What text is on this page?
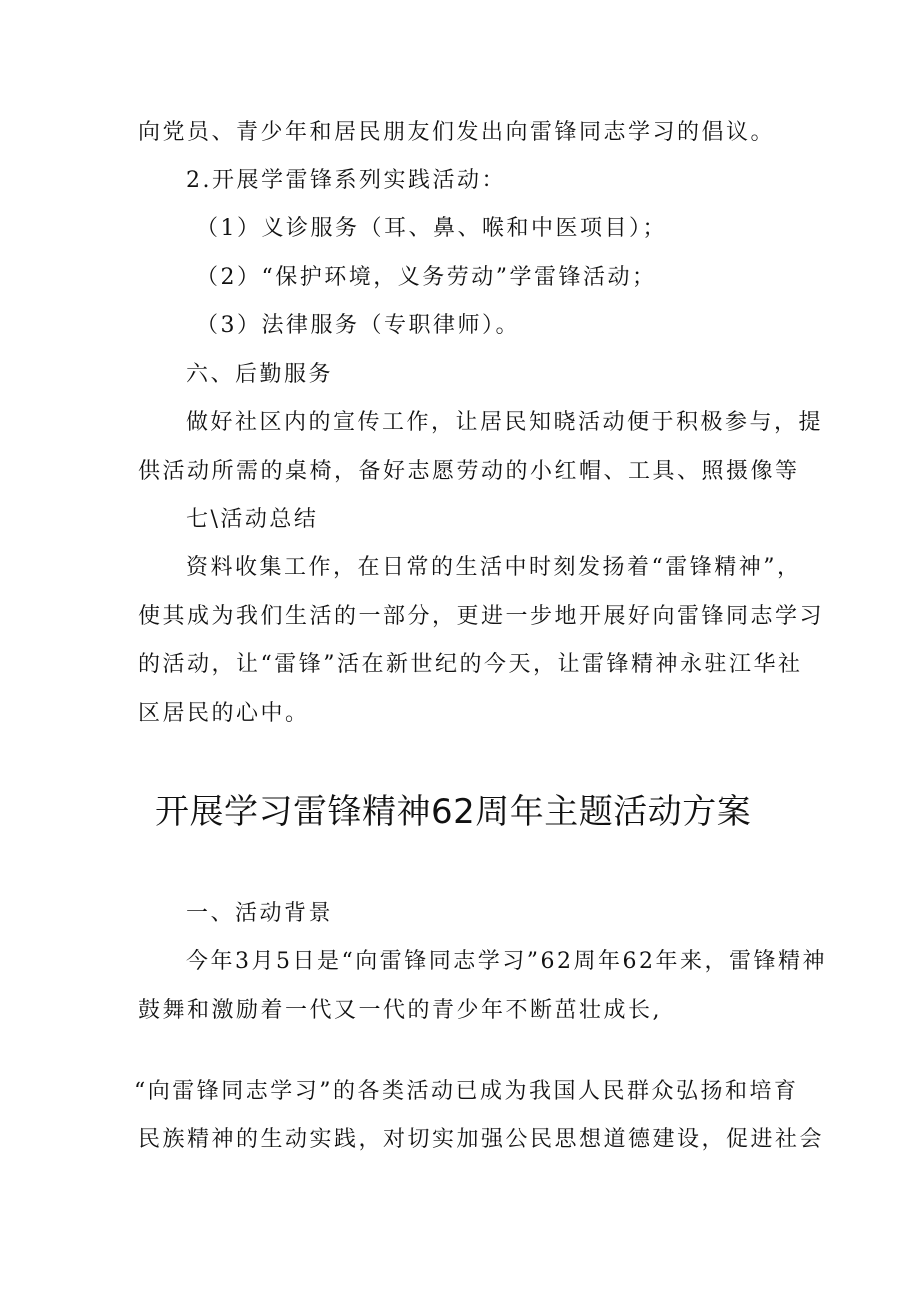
向党员、青少年和居民朋友们发出向雷锋同志学习的倡议。

2.开展学雷锋系列实践活动：

（1）义诊服务（耳、鼻、喉和中医项目）；

（2）“保护环境，义务劳动”学雷锋活动；

（3）法律服务（专职律师）。

六、后勤服务

做好社区内的宣传工作，让居民知晓活动便于积极参与，提

供活动所需的桌椅，备好志愿劳动的小红帽、工具、照摄像等

七\活动总结

资料收集工作，在日常的生活中时刻发扬着“雷锋精神”，

使其成为我们生活的一部分，更进一步地开展好向雷锋同志学习

的活动，让“雷锋”活在新世纪的今天，让雷锋精神永驻江华社

区居民的心中。

开展学习雷锋精神62周年主题活动方案

一、活动背景

今年3月5日是“向雷锋同志学习”62周年62年来，雷锋精神

鼓舞和激励着一代又一代的青少年不断茁壮成长,

“向雷锋同志学习”的各类活动已成为我国人民群众弘扬和培育

民族精神的生动实践，对切实加强公民思想道德建设，促进社会
